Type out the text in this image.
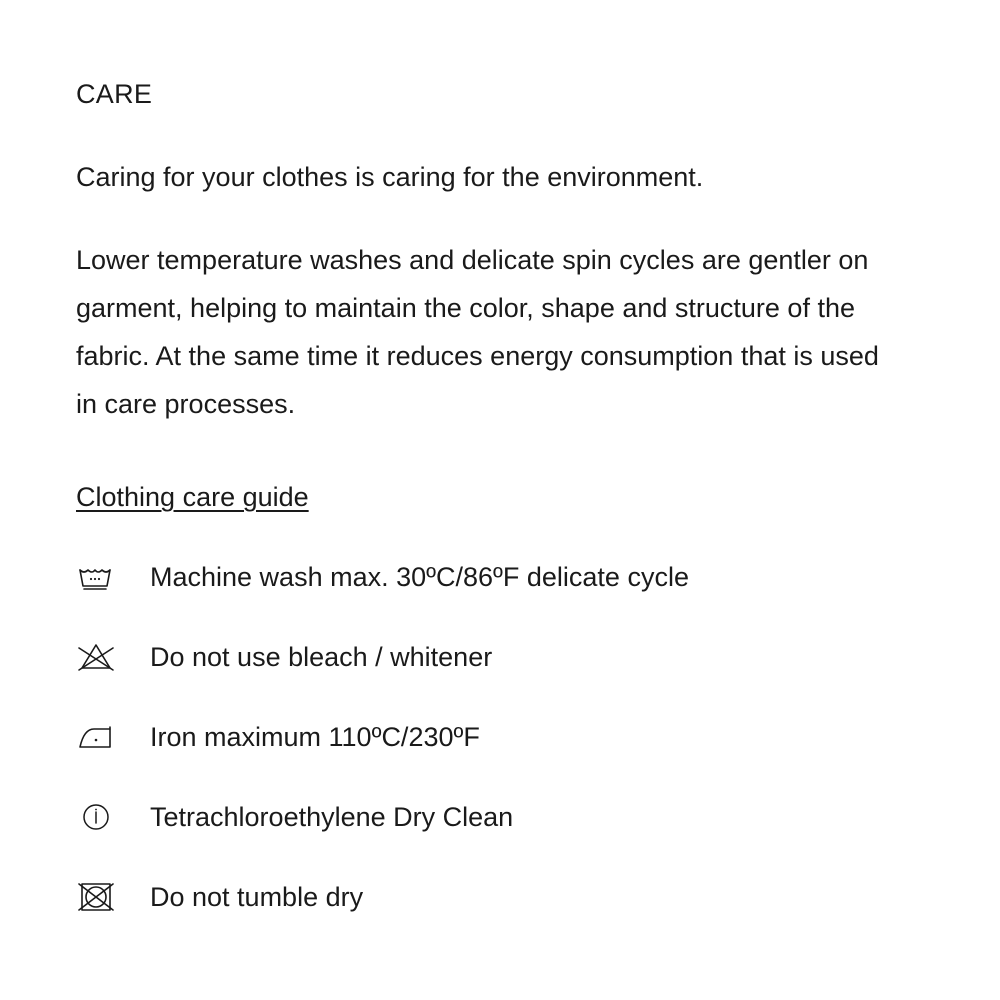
CARE

Caring for your clothes is caring for the environment.

Lower temperature washes and delicate spin cycles are gentler on garment, helping to maintain the color, shape and structure of the fabric. At the same time it reduces energy consumption that is used in care processes.

Clothing care guide
Machine wash max. 30ºC/86ºF delicate cycle
Do not use bleach / whitener
Iron maximum 110ºC/230ºF
Tetrachloroethylene Dry Clean
Do not tumble dry
